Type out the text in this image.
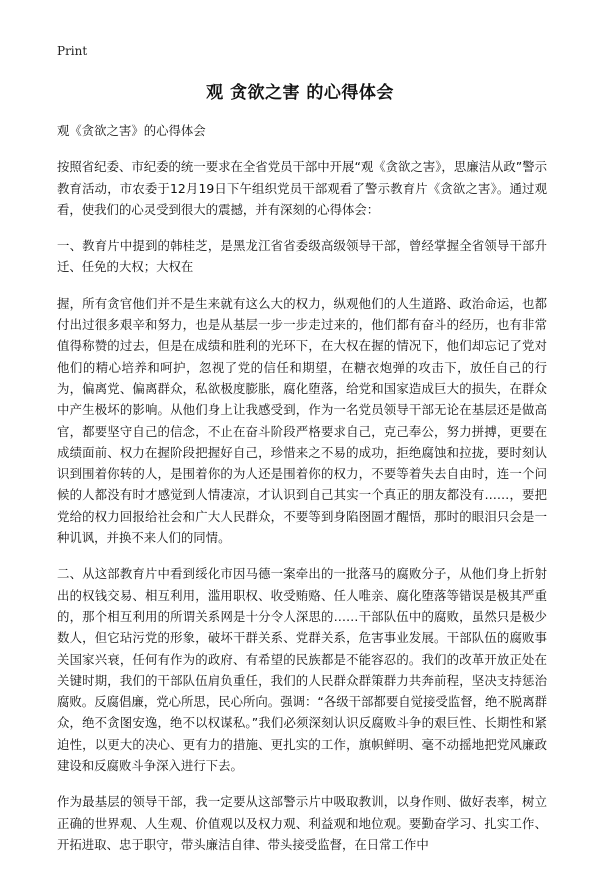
Print
观 贪欲之害 的心得体会

观《贪欲之害》的心得体会

按照省纪委、市纪委的统一要求在全省党员干部中开展“观《贪欲之害》，思廉洁从政”警示教育活动，市农委于12月19日下午组织党员干部观看了警示教育片《贪欲之害》。通过观看，使我们的心灵受到很大的震撼，并有深刻的心得体会：

一、教育片中提到的韩桂芝，是黑龙江省省委级高级领导干部，曾经掌握全省领导干部升迁、任免的大权；大权在

握，所有贪官他们并不是生来就有这么大的权力，纵观他们的人生道路、政治命运，也都付出过很多艰辛和努力，也是从基层一步一步走过来的，他们都有奋斗的经历，也有非常值得称赞的过去，但是在成绩和胜利的光环下，在大权在握的情况下，他们却忘记了党对他们的精心培养和呵护，忽视了党的信任和期望，在糖衣炮弹的攻击下，放任自己的行为，偏离党、偏离群众，私欲极度膨胀，腐化堕落，给党和国家造成巨大的损失，在群众中产生极坏的影响。从他们身上让我感受到，作为一名党员领导干部无论在基层还是做高官，都要坚守自己的信念，不止在奋斗阶段严格要求自己，克己奉公，努力拼搏，更要在成绩面前、权力在握阶段把握好自己，珍惜来之不易的成功，拒绝腐蚀和拉拢，要时刻认识到围着你转的人，是围着你的为人还是围着你的权力，不要等着失去自由时，连一个问候的人都没有时才感觉到人情凄凉，才认识到自己其实一个真正的朋友都没有……，要把党给的权力回报给社会和广大人民群众，不要等到身陷囹圄才醒悟，那时的眼泪只会是一种讥讽，并换不来人们的同情。

二、从这部教育片中看到绥化市因马德一案牵出的一批落马的腐败分子，从他们身上折射出的权钱交易、相互利用，滥用职权、收受贿赂、任人唯亲、腐化堕落等错误是极其严重的，那个相互利用的所谓关系网是十分令人深思的……干部队伍中的腐败，虽然只是极少数人，但它玷污党的形象，破坏干群关系、党群关系，危害事业发展。干部队伍的腐败事关国家兴衰，任何有作为的政府、有希望的民族都是不能容忍的。我们的改革开放正处在关键时期，我们的干部队伍肩负重任，我们的人民群众群策群力共奔前程，坚决支持惩治腐败。反腐倡廉，党心所思，民心所向。强调：“各级干部都要自觉接受监督，绝不脱离群众，绝不贪图安逸，绝不以权谋私。”我们必须深刻认识反腐败斗争的艰巨性、长期性和紧迫性，以更大的决心、更有力的措施、更扎实的工作，旗帜鲜明、毫不动摇地把党风廉政建设和反腐败斗争深入进行下去。

作为最基层的领导干部，我一定要从这部警示片中吸取教训，以身作则、做好表率，树立正确的世界观、人生观、价值观以及权力观、利益观和地位观。要勤奋学习、扎实工作、开拓进取、忠于职守，带头廉洁自律、带头接受监督，在日常工作中
